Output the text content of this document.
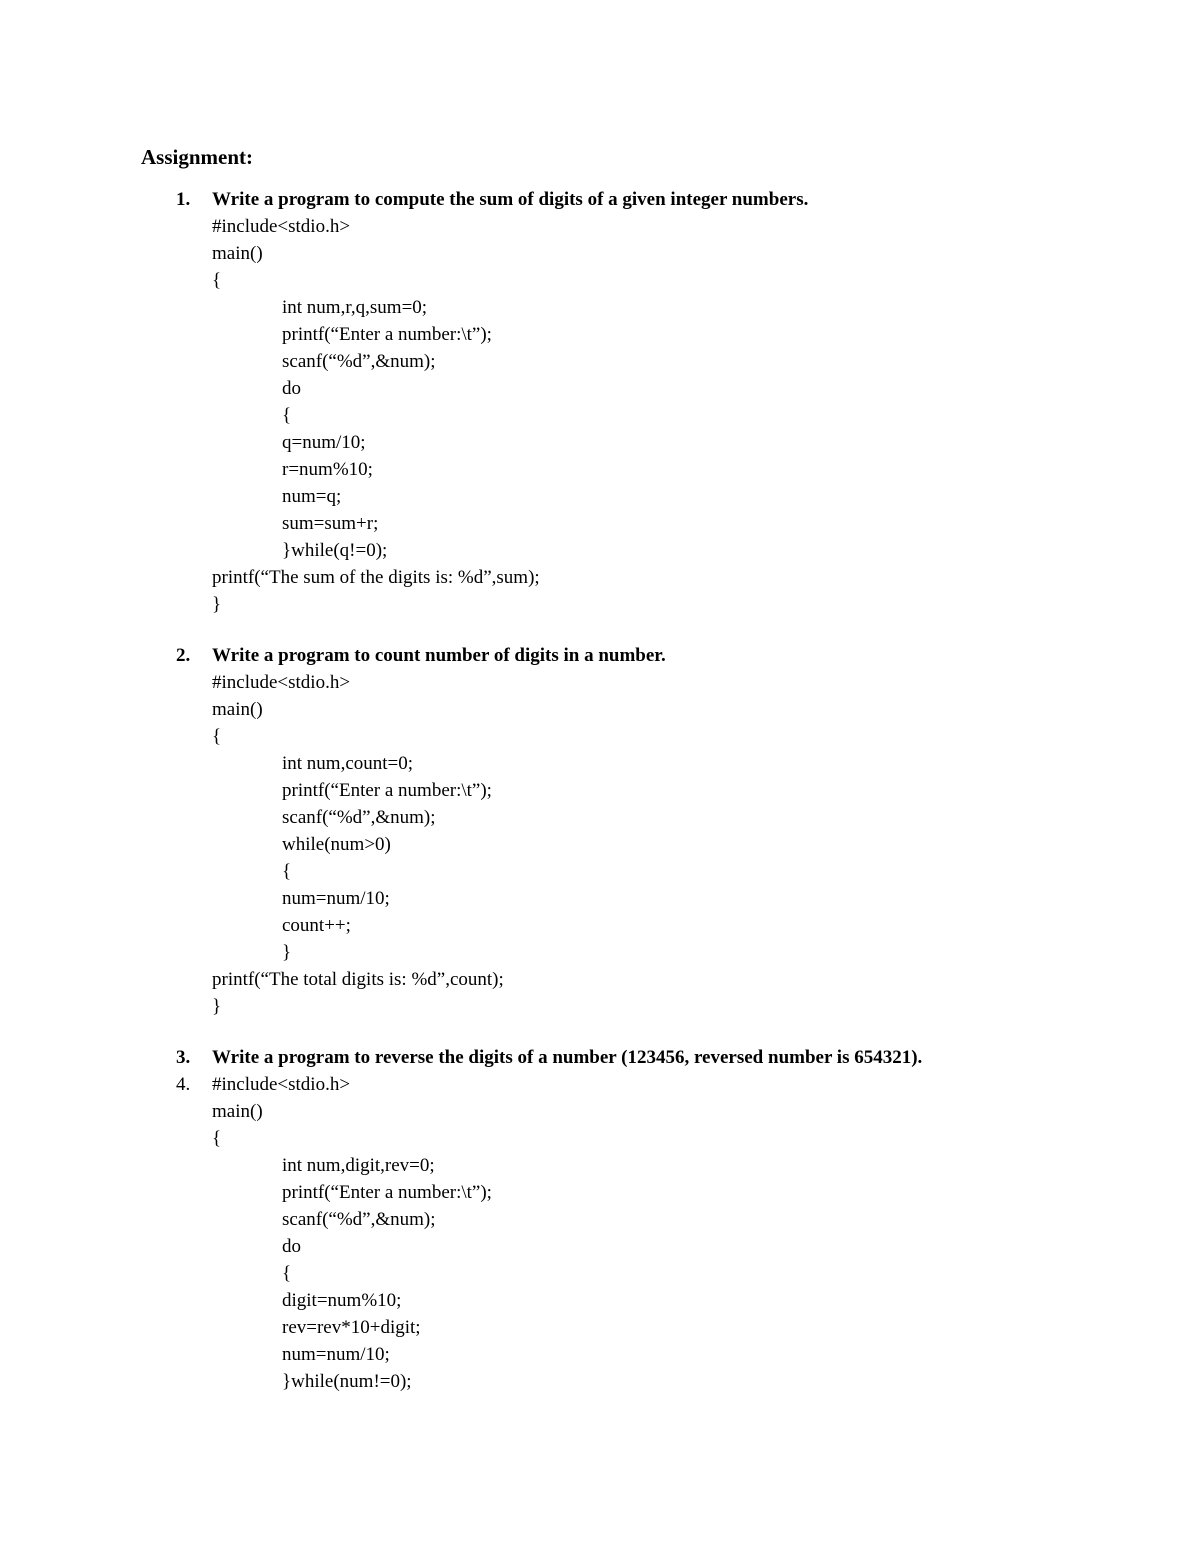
Assignment:
1. Write a program to compute the sum of digits of a given integer numbers.
#include<stdio.h>
main()
{
int num,r,q,sum=0;
printf(“Enter a number:\t”);
scanf(“%d”,&num);
do
{
q=num/10;
r=num%10;
num=q;
sum=sum+r;
}while(q!=0);
printf(“The sum of the digits is: %d”,sum);
}
2. Write a program to count number of digits in a number.
#include<stdio.h>
main()
{
int num,count=0;
printf(“Enter a number:\t”);
scanf(“%d”,&num);
while(num>0)
{
num=num/10;
count++;
}
printf(“The total digits is: %d”,count);
}
3. Write a program to reverse the digits of a number (123456, reversed number is 654321).
4. #include<stdio.h>
main()
{
int num,digit,rev=0;
printf(“Enter a number:\t”);
scanf(“%d”,&num);
do
{
digit=num%10;
rev=rev*10+digit;
num=num/10;
}while(num!=0);
